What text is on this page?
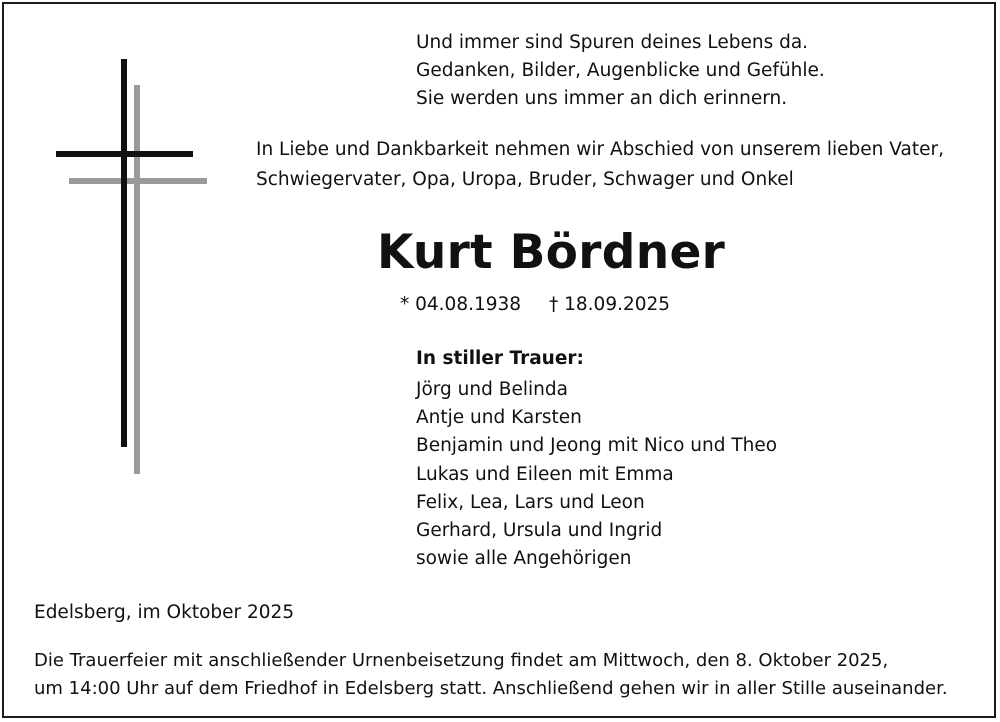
Und immer sind Spuren deines Lebens da.
Gedanken, Bilder, Augenblicke und Gefühle.
Sie werden uns immer an dich erinnern.
In Liebe und Dankbarkeit nehmen wir Abschied von unserem lieben Vater,
Schwiegervater, Opa, Uropa, Bruder, Schwager und Onkel
Kurt Bördner
* 04.08.1938 † 18.09.2025
In stiller Trauer:
Jörg und Belinda
Antje und Karsten
Benjamin und Jeong mit Nico und Theo
Lukas und Eileen mit Emma
Felix, Lea, Lars und Leon
Gerhard, Ursula und Ingrid
sowie alle Angehörigen
Edelsberg, im Oktober 2025
Die Trauerfeier mit anschließender Urnenbeisetzung findet am Mittwoch, den 8. Oktober 2025,
um 14:00 Uhr auf dem Friedhof in Edelsberg statt. Anschließend gehen wir in aller Stille auseinander.
